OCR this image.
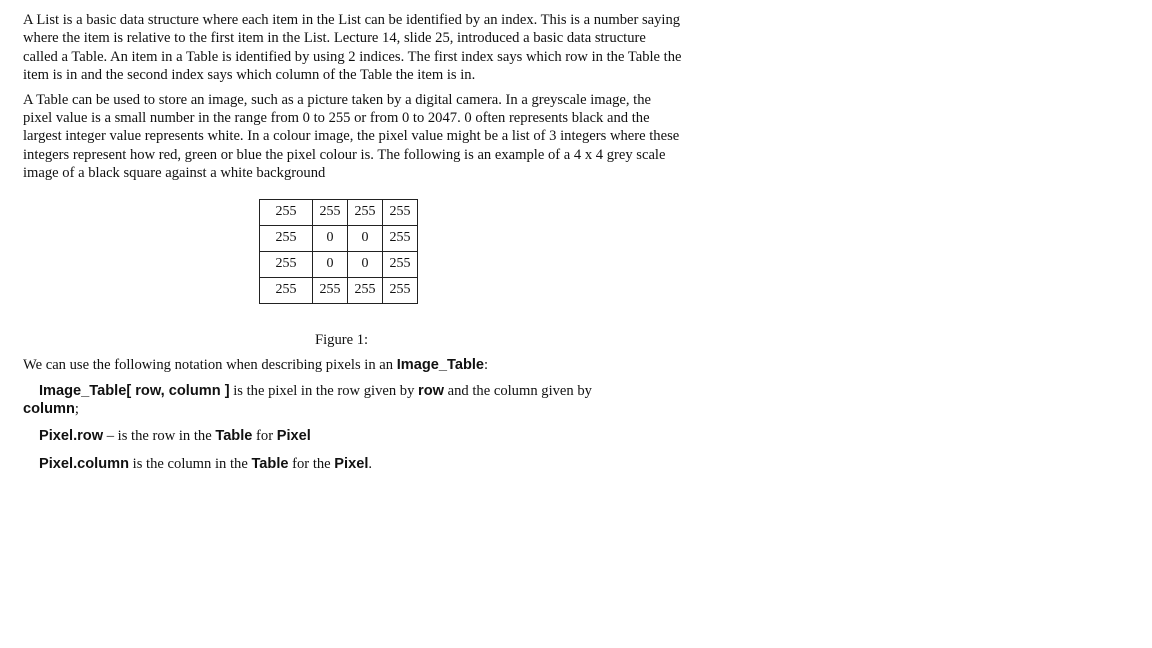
A List is a basic data structure where each item in the List can be identified by an index. This is a number saying where the item is relative to the first item in the List. Lecture 14, slide 25, introduced a basic data structure called a Table. An item in a Table is identified by using 2 indices. The first index says which row in the Table the item is in and the second index says which column of the Table the item is in.

A Table can be used to store an image, such as a picture taken by a digital camera. In a greyscale image, the pixel value is a small number in the range from 0 to 255 or from 0 to 2047. 0 often represents black and the largest integer value represents white. In a colour image, the pixel value might be a list of 3 integers where these integers represent how red, green or blue the pixel colour is. The following is an example of a 4 x 4 grey scale image of a black square against a white background

255	255	255	255
255	0	0	255
255	0	0	255
255	255	255	255
Figure 1:
We can use the following notation when describing pixels in an Image_Table:
Image_Table[ row, column ] is the pixel in the row given by row and the column given by
column;
Pixel.row – is the row in the Table for Pixel
Pixel.column is the column in the Table for the Pixel.
